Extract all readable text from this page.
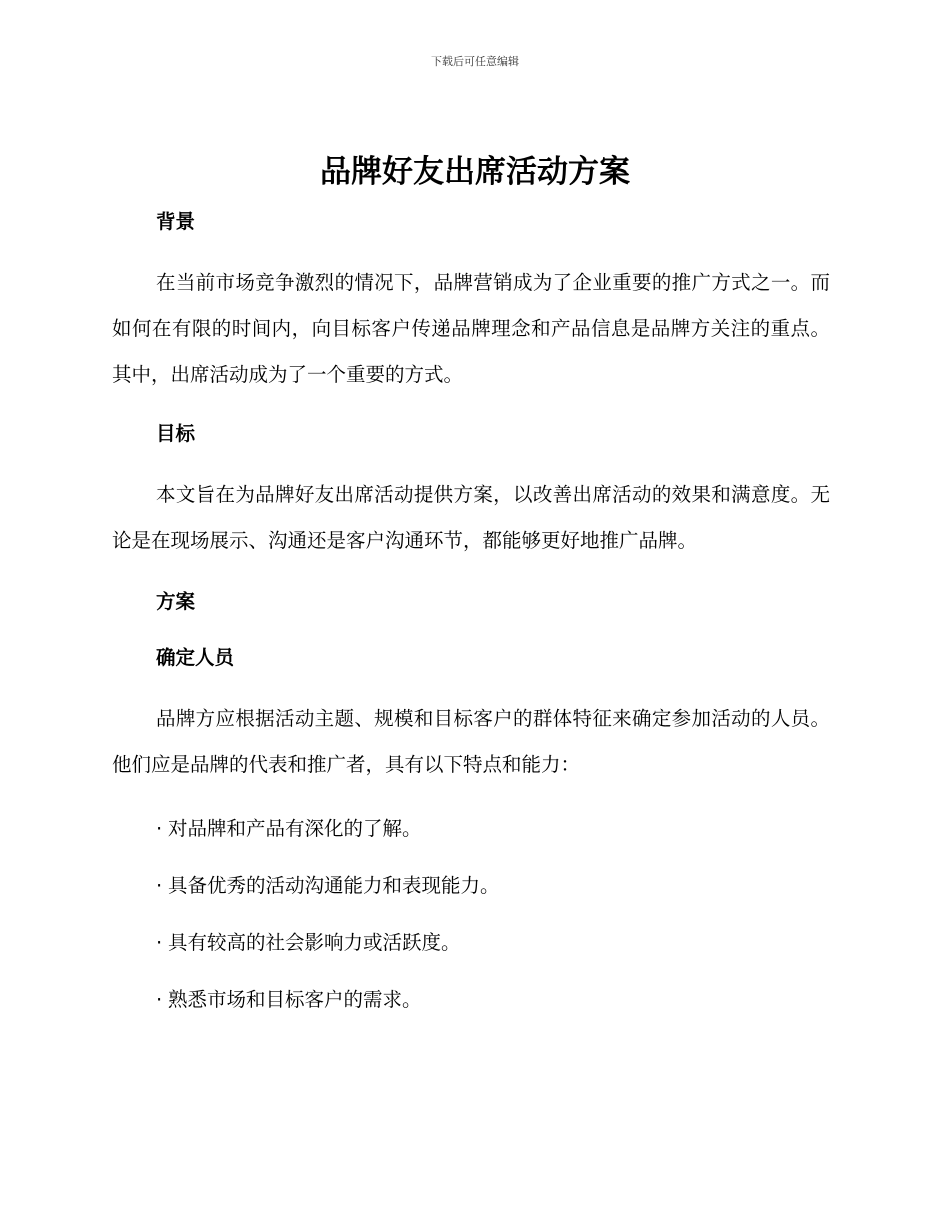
下载后可任意编辑
品牌好友出席活动方案
背景

在当前市场竞争激烈的情况下，品牌营销成为了企业重要的推广方式之一。而如何在有限的时间内，向目标客户传递品牌理念和产品信息是品牌方关注的重点。其中，出席活动成为了一个重要的方式。

目标

本文旨在为品牌好友出席活动提供方案，以改善出席活动的效果和满意度。无论是在现场展示、沟通还是客户沟通环节，都能够更好地推广品牌。

方案
确定人员

品牌方应根据活动主题、规模和目标客户的群体特征来确定参加活动的人员。他们应是品牌的代表和推广者，具有以下特点和能力：

· 对品牌和产品有深化的了解。

· 具备优秀的活动沟通能力和表现能力。

· 具有较高的社会影响力或活跃度。

· 熟悉市场和目标客户的需求。
